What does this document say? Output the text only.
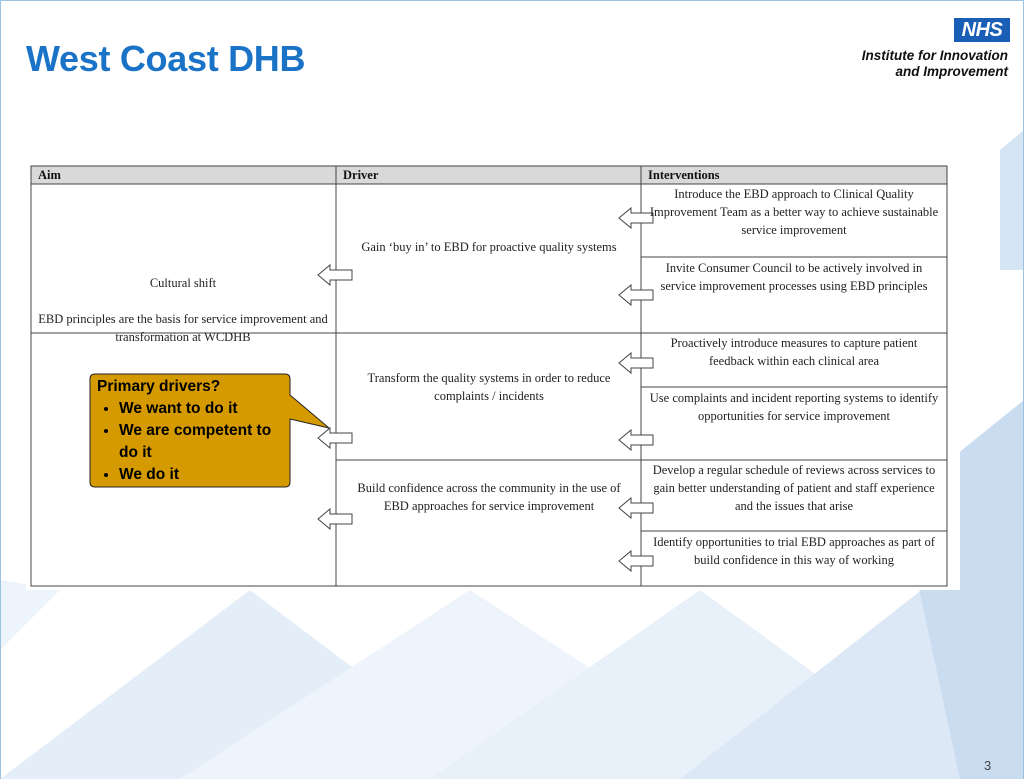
West Coast DHB
NHS
Institute for Innovation
and Improvement
Aim	Driver	Interventions
Cultural shift
EBD principles are the basis for service improvement and transformation at WCDHB
Gain ‘buy in’ to EBD for proactive quality systems
Transform the quality systems in order to reduce complaints / incidents
Build confidence across the community in the use of EBD approaches for service improvement
Introduce the EBD approach to Clinical Quality Improvement Team as a better way to achieve sustainable service improvement
Invite Consumer Council to be actively involved in service improvement processes using EBD principles
Proactively introduce measures to capture patient feedback within each clinical area
Use complaints and incident reporting systems to identify opportunities for service improvement
Develop a regular schedule of reviews across services to gain better understanding of patient and staff experience and the issues that arise
Identify opportunities to trial EBD approaches as part of build confidence in this way of working
Primary drivers?
• We want to do it
• We are competent to do it
• We do it
3
